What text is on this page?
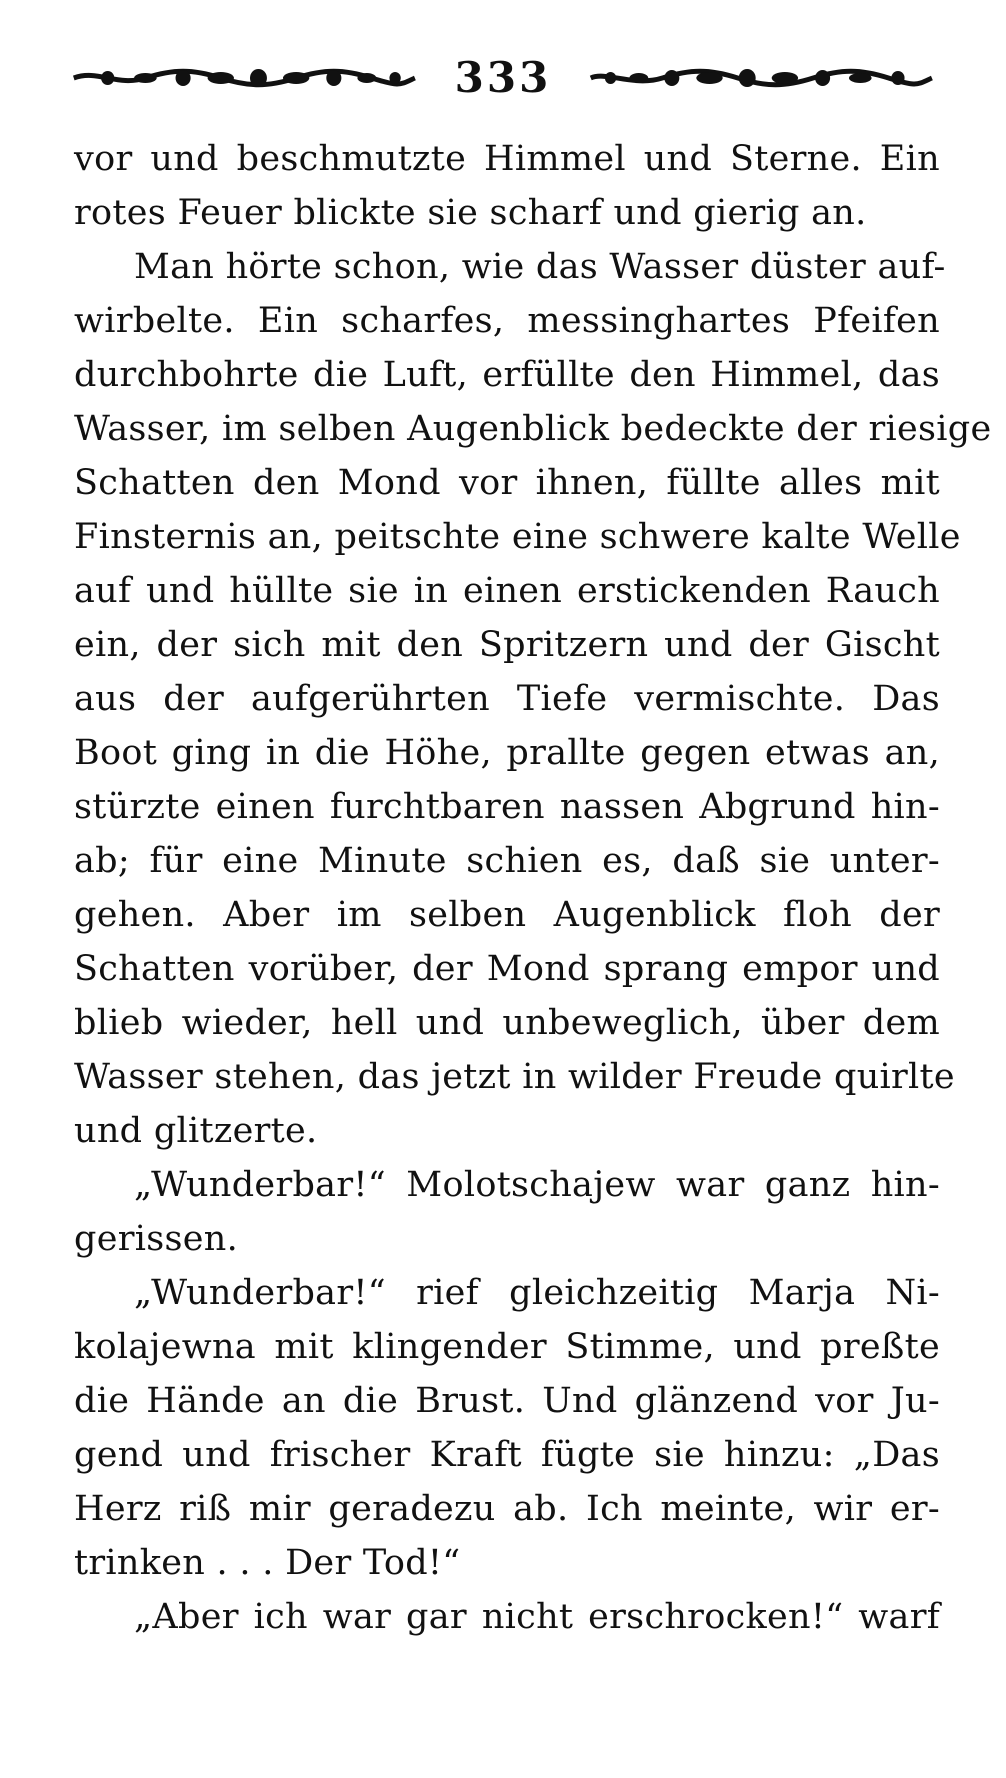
333
vor und beschmutzte Himmel und Sterne. Ein
rotes Feuer blickte sie scharf und gierig an.
Man hörte schon, wie das Wasser düster auf-
wirbelte. Ein scharfes, messinghartes Pfeifen
durchbohrte die Luft, erfüllte den Himmel, das
Wasser, im selben Augenblick bedeckte der riesige
Schatten den Mond vor ihnen, füllte alles mit
Finsternis an, peitschte eine schwere kalte Welle
auf und hüllte sie in einen erstickenden Rauch
ein, der sich mit den Spritzern und der Gischt
aus der aufgerührten Tiefe vermischte. Das
Boot ging in die Höhe, prallte gegen etwas an,
stürzte einen furchtbaren nassen Abgrund hin-
ab; für eine Minute schien es, daß sie unter-
gehen. Aber im selben Augenblick floh der
Schatten vorüber, der Mond sprang empor und
blieb wieder, hell und unbeweglich, über dem
Wasser stehen, das jetzt in wilder Freude quirlte
und glitzerte.
„Wunderbar!“ Molotschajew war ganz hin-
gerissen.
„Wunderbar!“ rief gleichzeitig Marja Ni-
kolajewna mit klingender Stimme, und preßte
die Hände an die Brust. Und glänzend vor Ju-
gend und frischer Kraft fügte sie hinzu: „Das
Herz riß mir geradezu ab. Ich meinte, wir er-
trinken . . . Der Tod!“
„Aber ich war gar nicht erschrocken!“ warf
